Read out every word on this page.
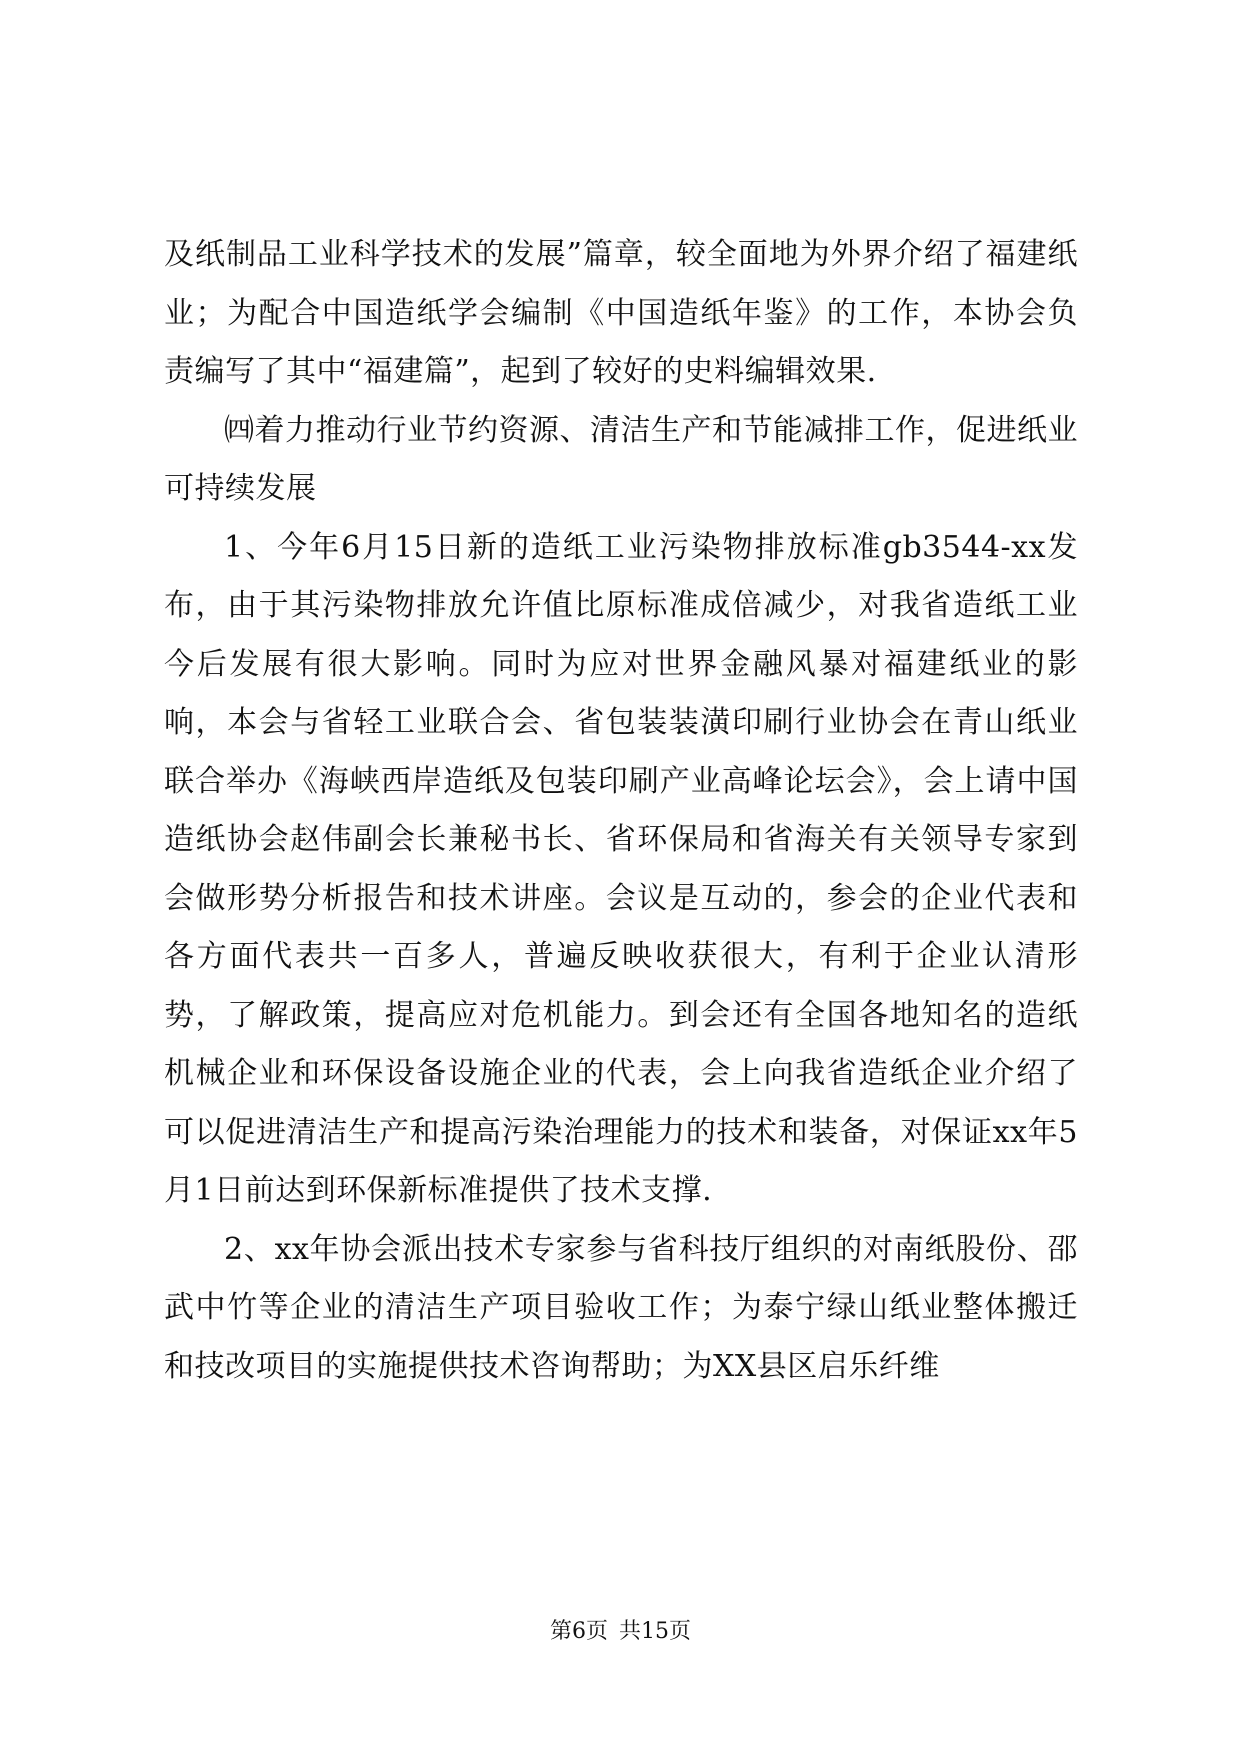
及纸制品工业科学技术的发展”篇章，较全面地为外界介绍了福建纸业；为配合中国造纸学会编制《中国造纸年鉴》的工作，本协会负责编写了其中“福建篇”，起到了较好的史料编辑效果.

㈣着力推动行业节约资源、清洁生产和节能减排工作，促进纸业可持续发展

1、今年6月15日新的造纸工业污染物排放标准gb3544-xx发布，由于其污染物排放允许值比原标准成倍减少，对我省造纸工业今后发展有很大影响。同时为应对世界金融风暴对福建纸业的影响，本会与省轻工业联合会、省包装装潢印刷行业协会在青山纸业联合举办《海峡西岸造纸及包装印刷产业高峰论坛会》，会上请中国造纸协会赵伟副会长兼秘书长、省环保局和省海关有关领导专家到会做形势分析报告和技术讲座。会议是互动的，参会的企业代表和各方面代表共一百多人，普遍反映收获很大，有利于企业认清形势，了解政策，提高应对危机能力。到会还有全国各地知名的造纸机械企业和环保设备设施企业的代表，会上向我省造纸企业介绍了可以促进清洁生产和提高污染治理能力的技术和装备，对保证xx年5月1日前达到环保新标准提供了技术支撑.

2、xx年协会派出技术专家参与省科技厅组织的对南纸股份、邵武中竹等企业的清洁生产项目验收工作；为泰宁绿山纸业整体搬迁和技改项目的实施提供技术咨询帮助；为XX县区启乐纤维

第6页 共15页
